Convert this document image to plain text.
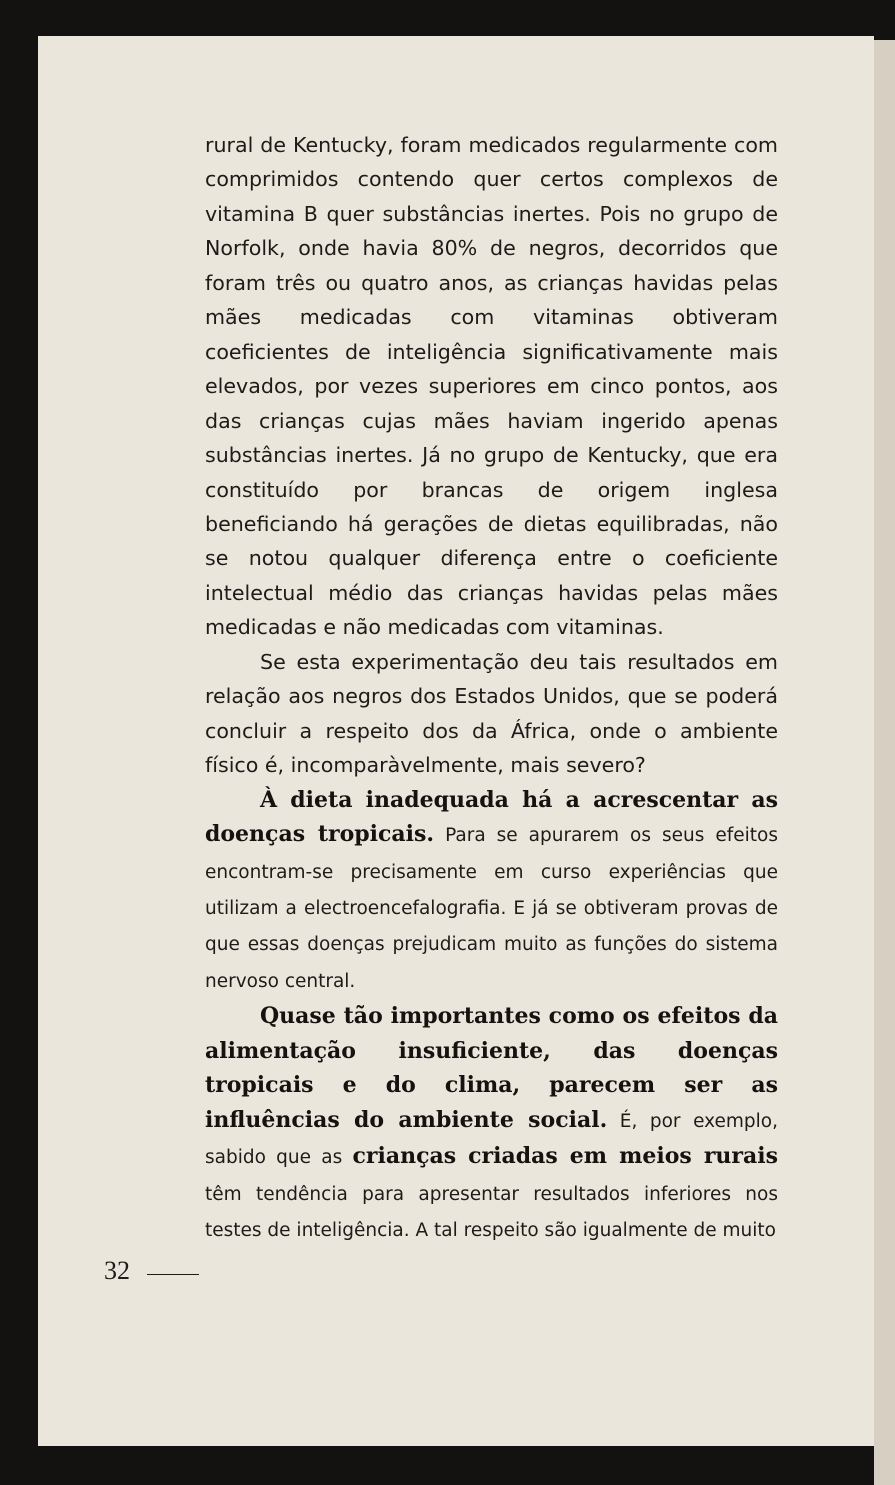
rural de Kentucky, foram medicados regularmente com comprimidos contendo quer certos complexos de vitamina B quer substâncias inertes. Pois no grupo de Norfolk, onde havia 80% de negros, decorridos que foram três ou quatro anos, as crianças havidas pelas mães medicadas com vitaminas obtiveram coeficientes de inteligência significativamente mais elevados, por vezes superiores em cinco pontos, aos das crianças cujas mães haviam ingerido apenas substâncias inertes. Já no grupo de Kentucky, que era constituído por brancas de origem inglesa beneficiando há gerações de dietas equilibradas, não se notou qualquer diferença entre o coeficiente intelectual médio das crianças havidas pelas mães medicadas e não medicadas com vitaminas.

Se esta experimentação deu tais resultados em relação aos negros dos Estados Unidos, que se poderá concluir a respeito dos da África, onde o ambiente físico é, incomparàvelmente, mais severo?

À dieta inadequada há a acrescentar as doenças tropicais. Para se apurarem os seus efeitos encontram-se precisamente em curso experiências que utilizam a electroencefalografia. E já se obtiveram provas de que essas doenças prejudicam muito as funções do sistema nervoso central.

Quase tão importantes como os efeitos da alimentação insuficiente, das doenças tropicais e do clima, parecem ser as influências do ambiente social. É, por exemplo, sabido que as crianças criadas em meios rurais têm tendência para apresentar resultados inferiores nos testes de inteligência. A tal respeito são igualmente de muito

32
